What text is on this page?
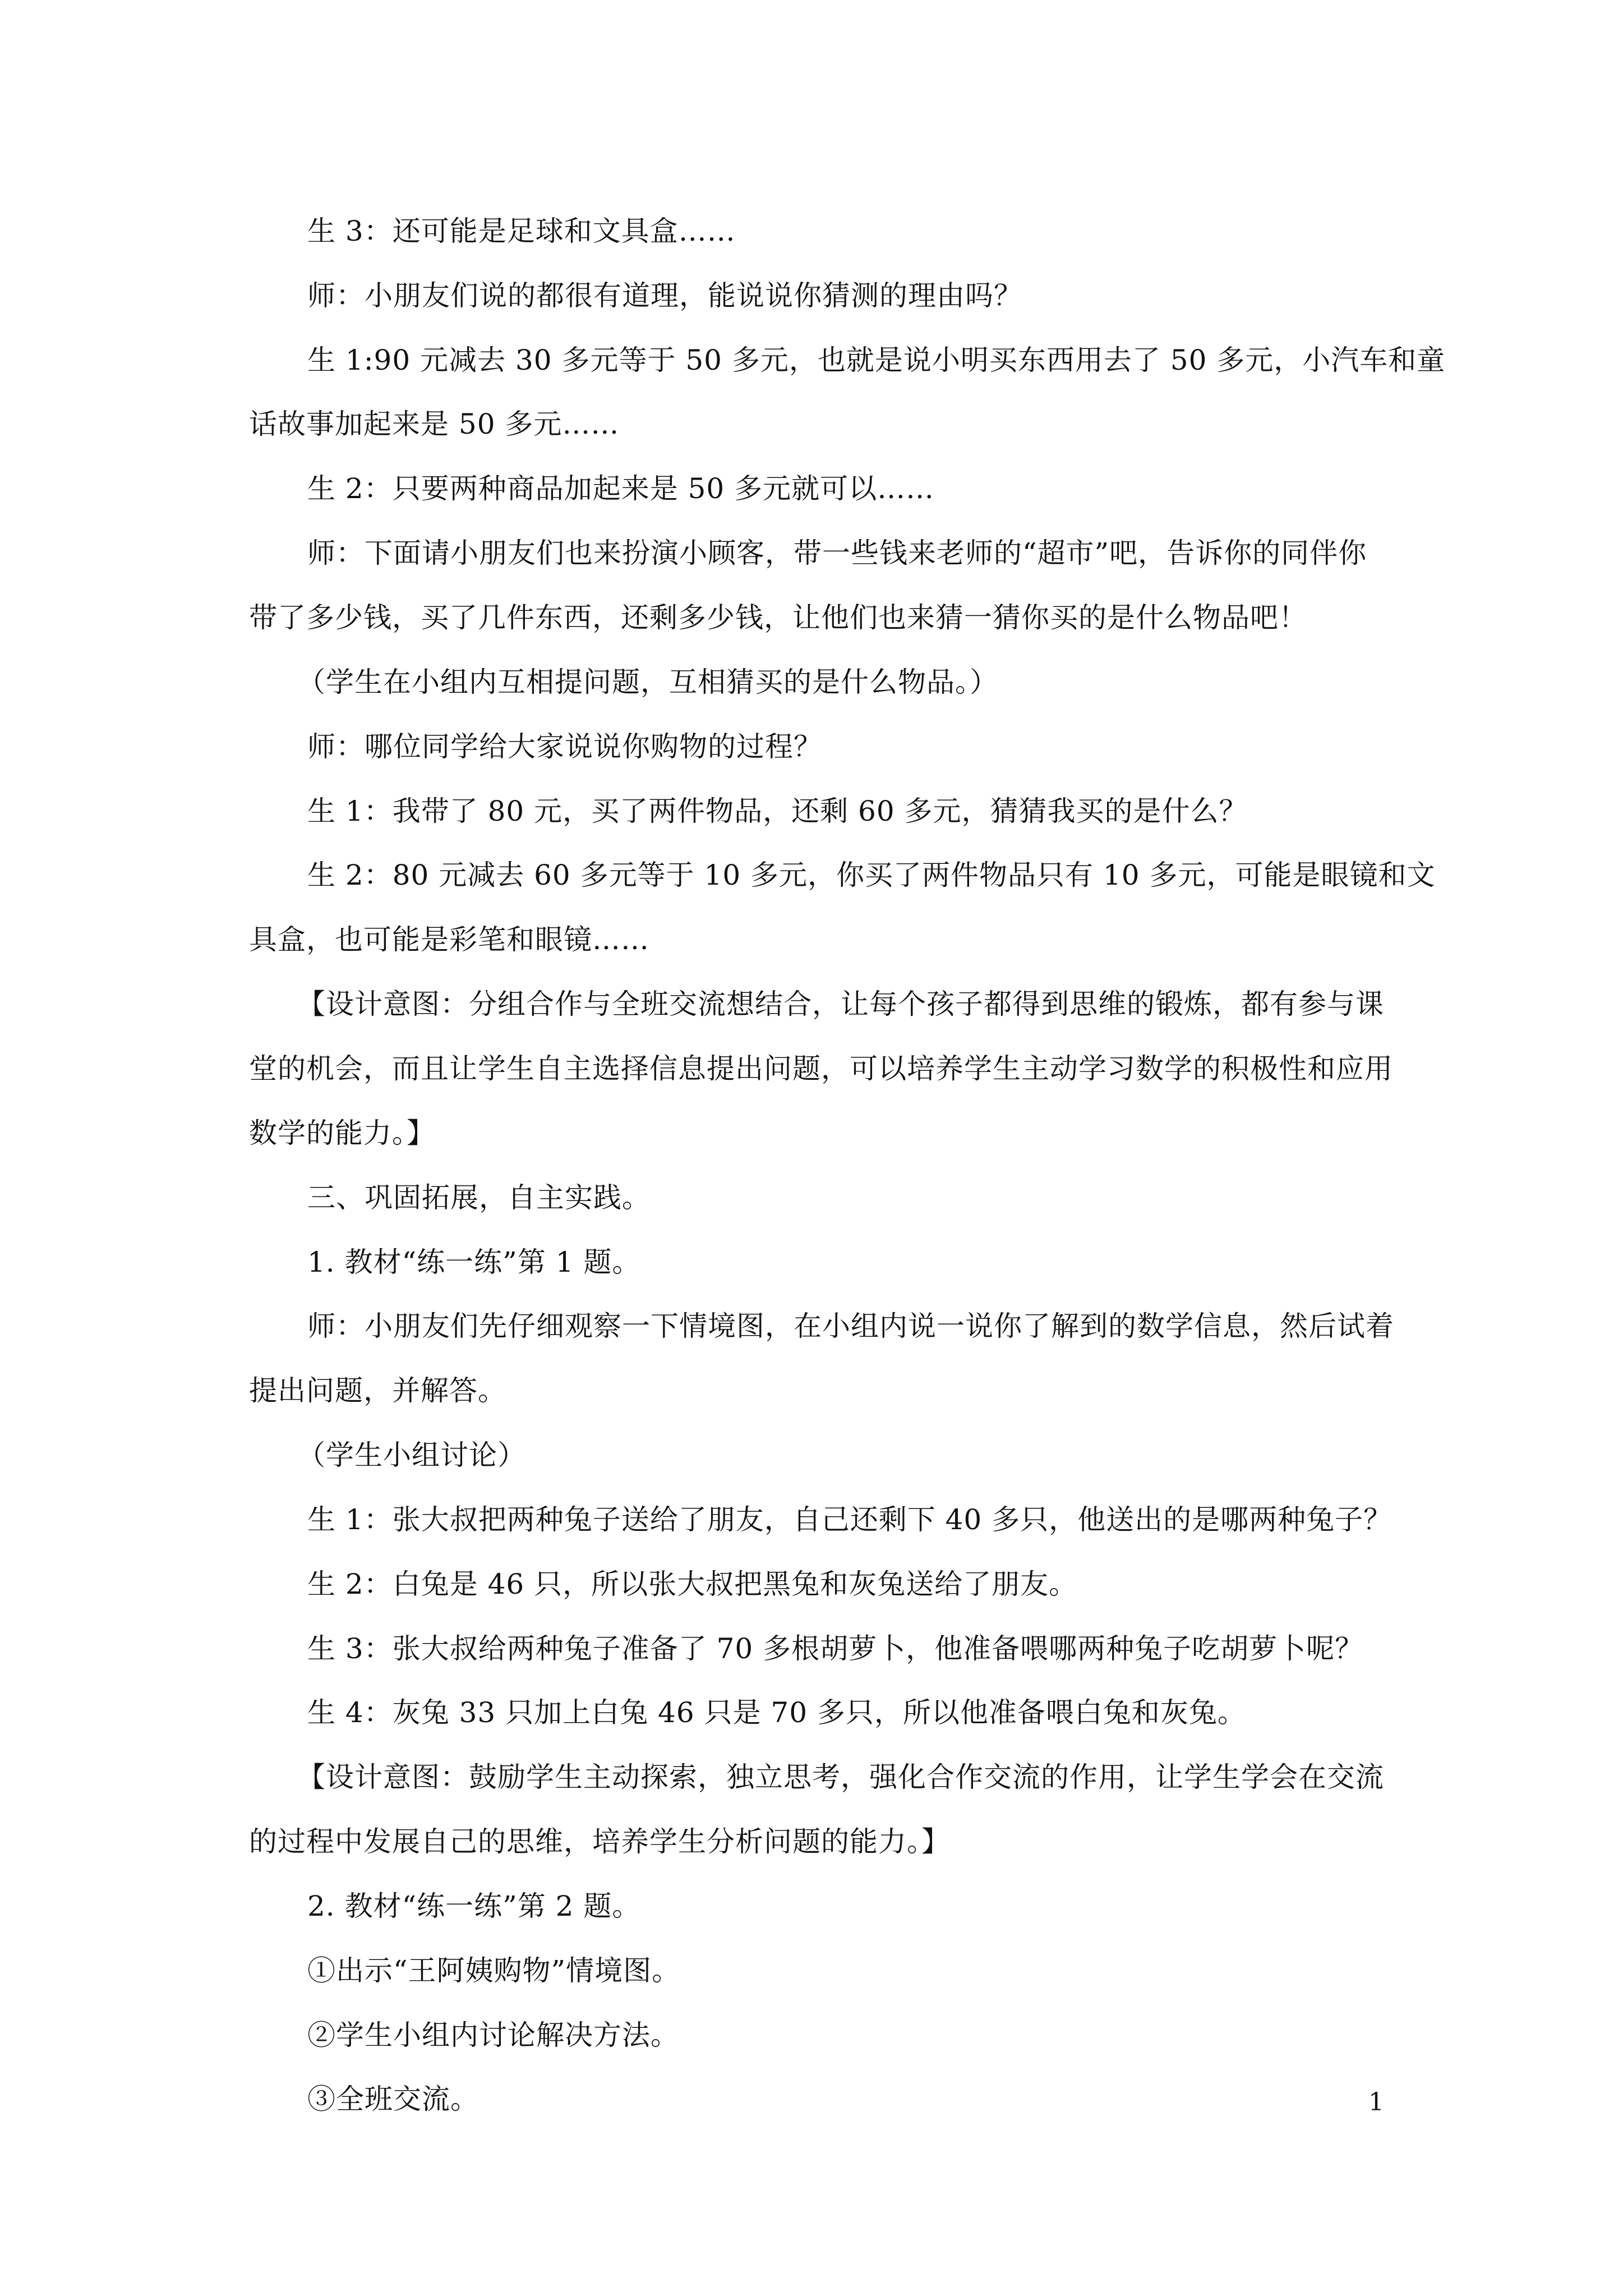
生 3：还可能是足球和文具盒……
师：小朋友们说的都很有道理，能说说你猜测的理由吗？
生 1:90 元减去 30 多元等于 50 多元，也就是说小明买东西用去了 50 多元，小汽车和童
话故事加起来是 50 多元……
生 2：只要两种商品加起来是 50 多元就可以……
师：下面请小朋友们也来扮演小顾客，带一些钱来老师的“超市”吧，告诉你的同伴你
带了多少钱，买了几件东西，还剩多少钱，让他们也来猜一猜你买的是什么物品吧！
（学生在小组内互相提问题，互相猜买的是什么物品。）
师：哪位同学给大家说说你购物的过程？
生 1：我带了 80 元，买了两件物品，还剩 60 多元，猜猜我买的是什么？
生 2：80 元减去 60 多元等于 10 多元，你买了两件物品只有 10 多元，可能是眼镜和文
具盒，也可能是彩笔和眼镜……
【设计意图：分组合作与全班交流想结合，让每个孩子都得到思维的锻炼，都有参与课
堂的机会，而且让学生自主选择信息提出问题，可以培养学生主动学习数学的积极性和应用
数学的能力。】
三、巩固拓展，自主实践。
1. 教材“练一练”第 1 题。
师：小朋友们先仔细观察一下情境图，在小组内说一说你了解到的数学信息，然后试着
提出问题，并解答。
（学生小组讨论）
生 1：张大叔把两种兔子送给了朋友，自己还剩下 40 多只，他送出的是哪两种兔子？
生 2：白兔是 46 只，所以张大叔把黑兔和灰兔送给了朋友。
生 3：张大叔给两种兔子准备了 70 多根胡萝卜，他准备喂哪两种兔子吃胡萝卜呢？
生 4：灰兔 33 只加上白兔 46 只是 70 多只，所以他准备喂白兔和灰兔。
【设计意图：鼓励学生主动探索，独立思考，强化合作交流的作用，让学生学会在交流
的过程中发展自己的思维，培养学生分析问题的能力。】
2. 教材“练一练”第 2 题。
①出示“王阿姨购物”情境图。
②学生小组内讨论解决方法。
③全班交流。	1
